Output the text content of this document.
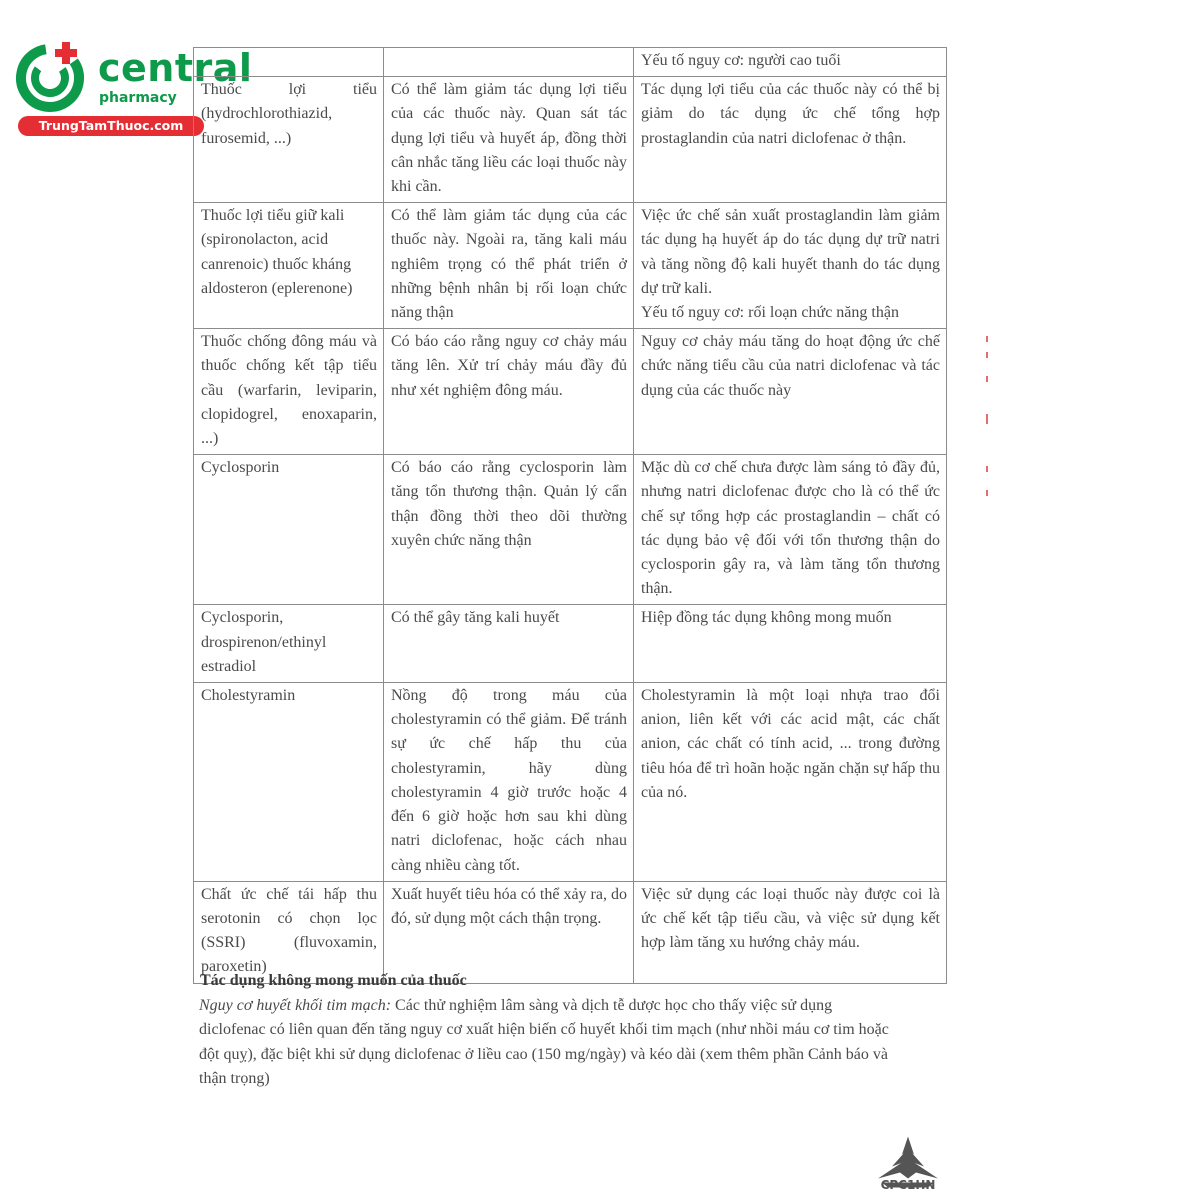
central
pharmacy
TrungTamThuoc.com

		Yếu tố nguy cơ: người cao tuổi

Thuốc lợi tiểu (hydrochlorothiazid, furosemid, ...)	Có thể làm giảm tác dụng lợi tiểu của các thuốc này. Quan sát tác dụng lợi tiểu và huyết áp, đồng thời cân nhắc tăng liều các loại thuốc này khi cần.	Tác dụng lợi tiểu của các thuốc này có thể bị giảm do tác dụng ức chế tổng hợp prostaglandin của natri diclofenac ở thận.

Thuốc lợi tiểu giữ kali (spironolacton, acid canrenoic) thuốc kháng aldosteron (eplerenone)	Có thể làm giảm tác dụng của các thuốc này. Ngoài ra, tăng kali máu nghiêm trọng có thể phát triển ở những bệnh nhân bị rối loạn chức năng thận	Việc ức chế sản xuất prostaglandin làm giảm tác dụng hạ huyết áp do tác dụng dự trữ natri và tăng nồng độ kali huyết thanh do tác dụng dự trữ kali.
Yếu tố nguy cơ: rối loạn chức năng thận

Thuốc chống đông máu và thuốc chống kết tập tiểu cầu (warfarin, leviparin, clopidogrel, enoxaparin, ...)	Có báo cáo rằng nguy cơ chảy máu tăng lên. Xử trí chảy máu đầy đủ như xét nghiệm đông máu.	Nguy cơ chảy máu tăng do hoạt động ức chế chức năng tiểu cầu của natri diclofenac và tác dụng của các thuốc này

Cyclosporin	Có báo cáo rằng cyclosporin làm tăng tổn thương thận. Quản lý cẩn thận đồng thời theo dõi thường xuyên chức năng thận	Mặc dù cơ chế chưa được làm sáng tỏ đầy đủ, nhưng natri diclofenac được cho là có thể ức chế sự tổng hợp các prostaglandin – chất có tác dụng bảo vệ đối với tổn thương thận do cyclosporin gây ra, và làm tăng tổn thương thận.

Cyclosporin, drospirenon/ethinyl estradiol	Có thể gây tăng kali huyết	Hiệp đồng tác dụng không mong muốn

Cholestyramin	Nồng độ trong máu của cholestyramin có thể giảm. Để tránh sự ức chế hấp thu của cholestyramin, hãy dùng cholestyramin 4 giờ trước hoặc 4 đến 6 giờ hoặc hơn sau khi dùng natri diclofenac, hoặc cách nhau càng nhiều càng tốt.	Cholestyramin là một loại nhựa trao đổi anion, liên kết với các acid mật, các chất anion, các chất có tính acid, ... trong đường tiêu hóa để trì hoãn hoặc ngăn chặn sự hấp thu của nó.

Chất ức chế tái hấp thu serotonin có chọn lọc (SSRI) (fluvoxamin, paroxetin)	Xuất huyết tiêu hóa có thể xảy ra, do đó, sử dụng một cách thận trọng.	Việc sử dụng các loại thuốc này được coi là ức chế kết tập tiểu cầu, và việc sử dụng kết hợp làm tăng xu hướng chảy máu.
Tác dụng không mong muốn của thuốc
Nguy cơ huyết khối tim mạch: Các thử nghiệm lâm sàng và dịch tễ dược học cho thấy việc sử dụng diclofenac có liên quan đến tăng nguy cơ xuất hiện biến cố huyết khối tim mạch (như nhồi máu cơ tim hoặc đột quỵ), đặc biệt khi sử dụng diclofenac ở liều cao (150 mg/ngày) và kéo dài (xem thêm phần Cảnh báo và thận trọng)
CPC1HN
